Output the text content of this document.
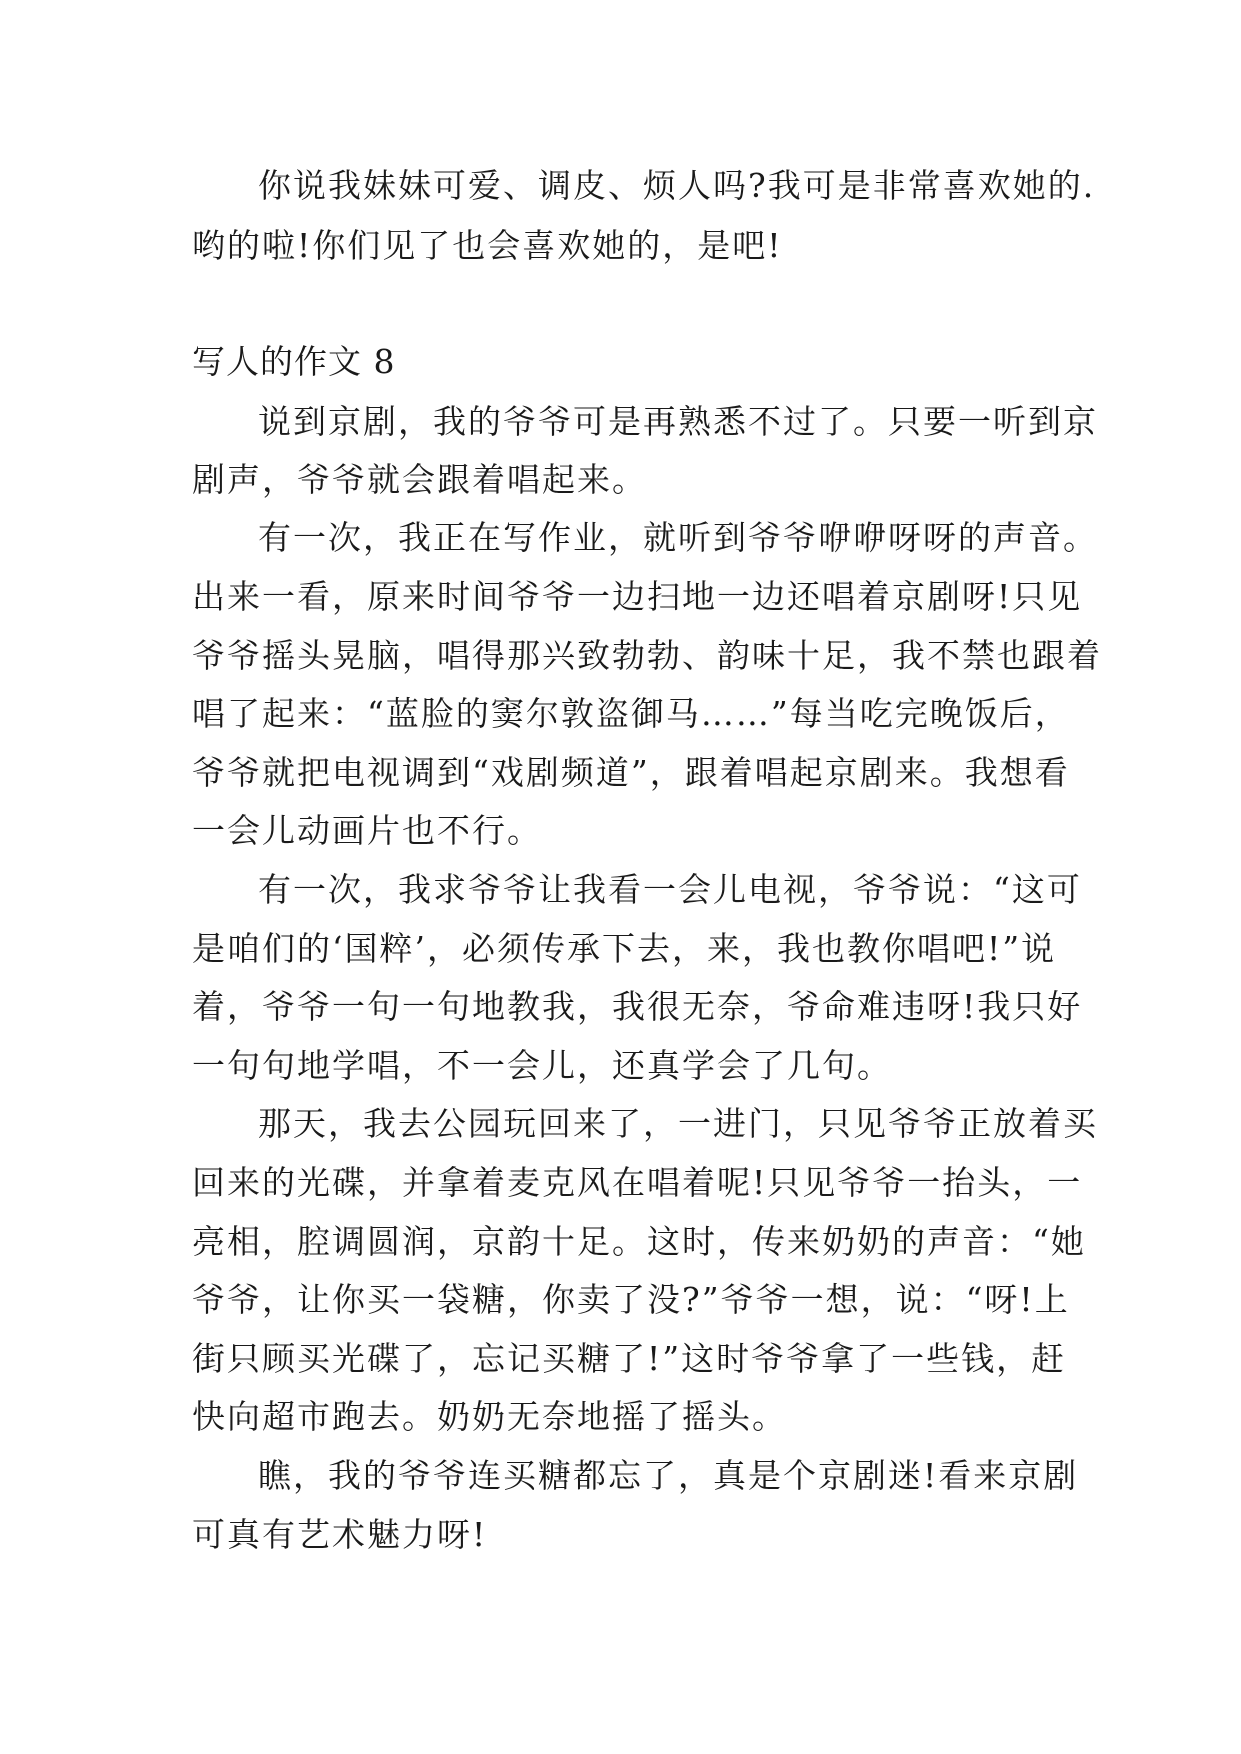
你说我妹妹可爱、调皮、烦人吗?我可是非常喜欢她的.
哟的啦!你们见了也会喜欢她的，是吧!
写人的作文 8
说到京剧，我的爷爷可是再熟悉不过了。只要一听到京
剧声，爷爷就会跟着唱起来。
有一次，我正在写作业，就听到爷爷咿咿呀呀的声音。
出来一看，原来时间爷爷一边扫地一边还唱着京剧呀!只见
爷爷摇头晃脑，唱得那兴致勃勃、韵味十足，我不禁也跟着
唱了起来：“蓝脸的窦尔敦盗御马……”每当吃完晚饭后，
爷爷就把电视调到“戏剧频道”，跟着唱起京剧来。我想看
一会儿动画片也不行。
有一次，我求爷爷让我看一会儿电视，爷爷说：“这可
是咱们的‘国粹’，必须传承下去，来，我也教你唱吧!”说
着，爷爷一句一句地教我，我很无奈，爷命难违呀!我只好
一句句地学唱，不一会儿，还真学会了几句。
那天，我去公园玩回来了，一进门，只见爷爷正放着买
回来的光碟，并拿着麦克风在唱着呢!只见爷爷一抬头，一
亮相，腔调圆润，京韵十足。这时，传来奶奶的声音：“她
爷爷，让你买一袋糖，你卖了没?”爷爷一想，说：“呀!上
街只顾买光碟了，忘记买糖了!”这时爷爷拿了一些钱，赶
快向超市跑去。奶奶无奈地摇了摇头。
瞧，我的爷爷连买糖都忘了，真是个京剧迷!看来京剧
可真有艺术魅力呀!
